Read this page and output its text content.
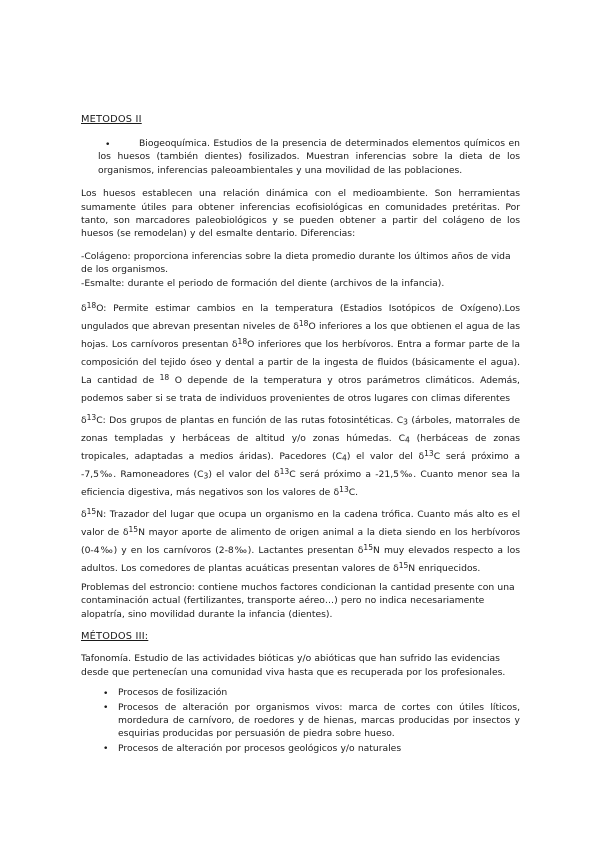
METODOS II
•	Biogeoquímica. Estudios de la presencia de determinados elementos químicos en los huesos (también dientes) fosilizados. Muestran inferencias sobre la dieta de los organismos, inferencias paleoambientales y una movilidad de las poblaciones.

Los huesos establecen una relación dinámica con el medioambiente. Son herramientas sumamente útiles para obtener inferencias ecofisiológicas en comunidades pretéritas. Por tanto, son marcadores paleobiológicos y se pueden obtener a partir del colágeno de los huesos (se remodelan) y del esmalte dentario. Diferencias:

-Colágeno: proporciona inferencias sobre la dieta promedio durante los últimos años de vida de los organismos.

-Esmalte: durante el periodo de formación del diente (archivos de la infancia).

$\delta^{18}O$: Permite estimar cambios en la temperatura (Estadios Isotópicos de Oxígeno).Los ungulados que abrevan presentan niveles de $\delta^{18}O$ inferiores a los que obtienen el agua de las hojas. Los carnívoros presentan $\delta^{18}O$ inferiores que los herbívoros. Entra a formar parte de la composición del tejido óseo y dental a partir de la ingesta de fluidos (básicamente el agua). La cantidad de $^{18}$ O depende de la temperatura y otros parámetros climáticos. Además, podemos saber si se trata de individuos provenientes de otros lugares con climas diferentes

$\delta^{13}C$: Dos grupos de plantas en función de las rutas fotosintéticas. $C_3$ (árboles, matorrales de zonas templadas y herbáceas de altitud y/o zonas húmedas. $C_4$ (herbáceas de zonas tropicales, adaptadas a medios áridas). Pacedores $(C_4)$ el valor del $\delta^{13}C$ será próximo a -7,5‰. Ramoneadores $(C_3)$ el valor del $\delta^{13}C$ será próximo a -21,5‰. Cuanto menor sea la eficiencia digestiva, más negativos son los valores de $\delta^{13}C$.

$\delta^{15}N$: Trazador del lugar que ocupa un organismo en la cadena trófica. Cuanto más alto es el valor de $\delta^{15}N$ mayor aporte de alimento de origen animal a la dieta siendo en los herbívoros (0-4‰) y en los carnívoros (2-8‰). Lactantes presentan $\delta^{15}N$ muy elevados respecto a los adultos. Los comedores de plantas acuáticas presentan valores de $\delta^{15}N$ enriquecidos.

Problemas del estroncio: contiene muchos factores condicionan la cantidad presente con una contaminación actual (fertilizantes, transporte aéreo…) pero no indica necesariamente alopatría, sino movilidad durante la infancia (dientes).

MÉTODOS III:

Tafonomía. Estudio de las actividades bióticas y/o abióticas que han sufrido las evidencias desde que pertenecían una comunidad viva hasta que es recuperada por los profesionales.

• Procesos de fosilización
• Procesos de alteración por organismos vivos: marca de cortes con útiles líticos, mordedura de carnívoro, de roedores y de hienas, marcas producidas por insectos y esquirias producidas por persuasión de piedra sobre hueso.
• Procesos de alteración por procesos geológicos y/o naturales
